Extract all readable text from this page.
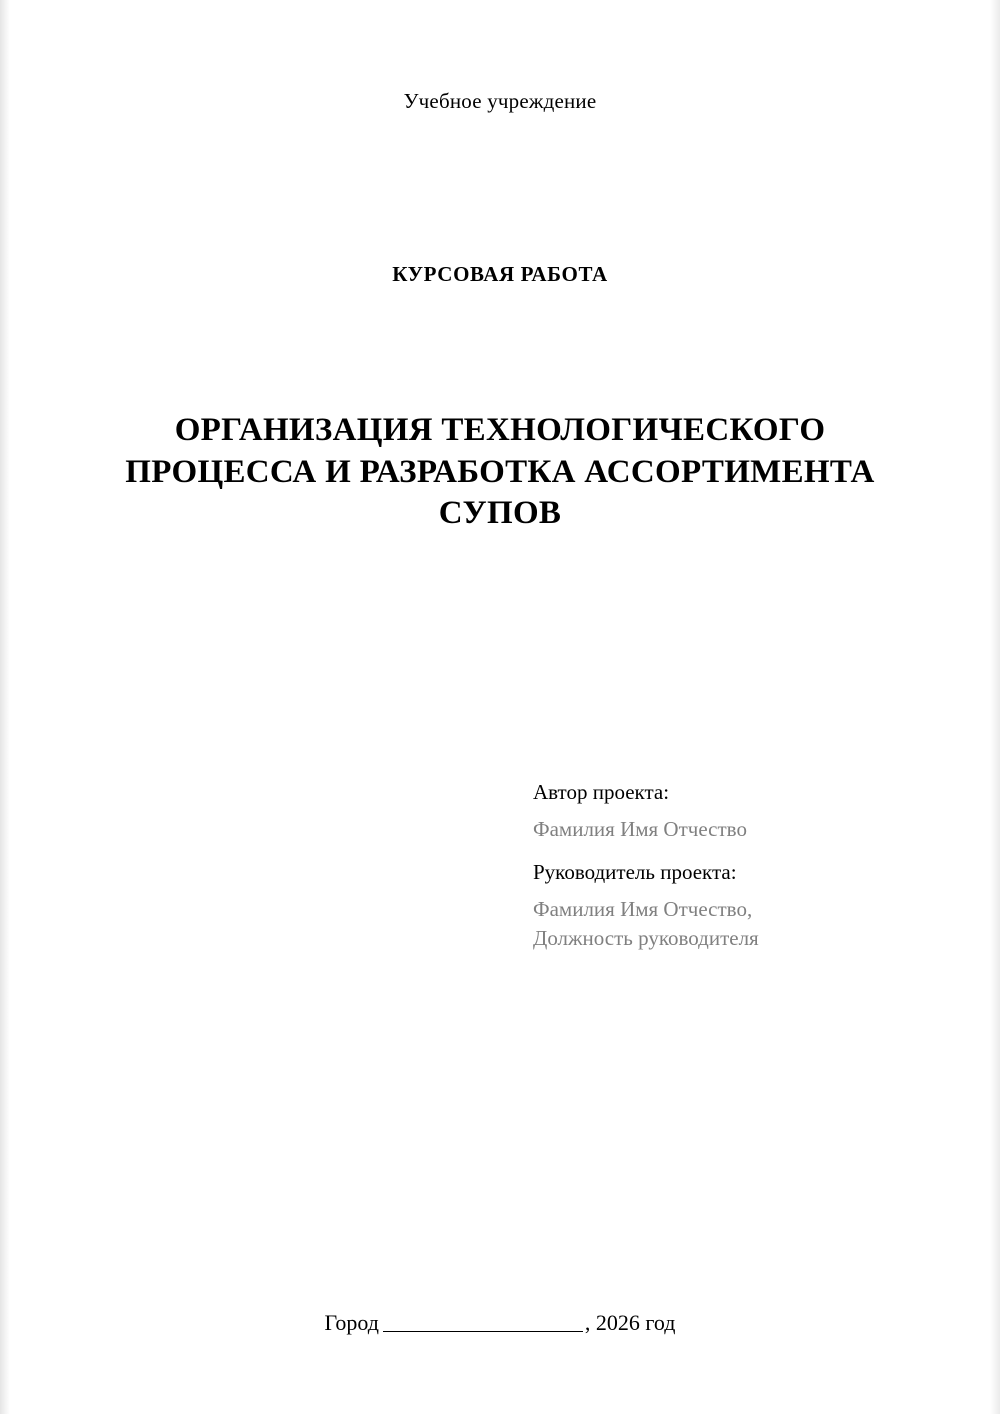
Учебное учреждение
КУРСОВАЯ РАБОТА
ОРГАНИЗАЦИЯ ТЕХНОЛОГИЧЕСКОГО ПРОЦЕССА И РАЗРАБОТКА АССОРТИМЕНТА СУПОВ
Автор проекта:
Фамилия Имя Отчество
Руководитель проекта:
Фамилия Имя Отчество,
Должность руководителя
Город	, 2026 год
